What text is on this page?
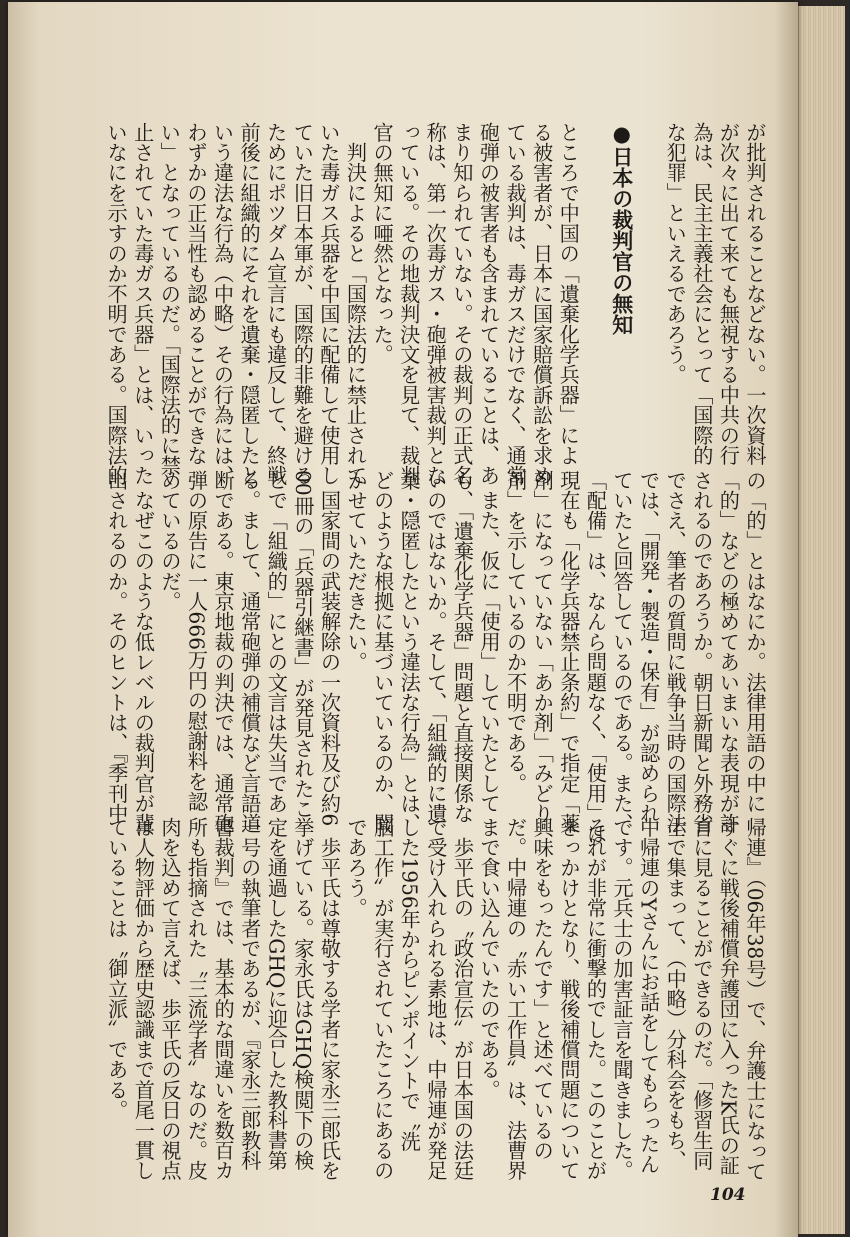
が批判されることなどない。一次資料
が次々に出て来ても無視する中共の行
為は、民主主義社会にとって「国際的
な犯罪」といえるであろう。

●日本の裁判官の無知

ところで中国の「遺棄化学兵器」によ
る被害者が、日本に国家賠償訴訟を求め
ている裁判は、毒ガスだけでなく、通常
砲弾の被害者も含まれていることは、あ
まり知られていない。その裁判の正式名
称は、第一次毒ガス・砲弾被害裁判とな
っている。その地裁判決文を見て、裁判
官の無知に唖然となった。
　判決によると「国際法的に禁止されて
いた毒ガス兵器を中国に配備して使用し
ていた旧日本軍が、国際的非難を避ける
ためにポツダム宣言にも違反して、終戦
前後に組織的にそれを遺棄・隠匿したと
いう違法な行為（中略）その行為には、
わずかの正当性も認めることができな
い」となっているのだ。「国際法的に禁
止されていた毒ガス兵器」とは、いった
いなにを示すのか不明である。国際法的

の「的」とはなにか。法律用語の中に
「的」などの極めてあいまいな表現が許
されるのであろうか。朝日新聞と外務省
でさえ、筆者の質問に戦争当時の国際法
では、「開発・製造・保有」が認められ
ていたと回答しているのである。また、
「配備」は、なんら問題なく、「使用」は
現在も「化学兵器禁止条約」で指定「薬
剤」になっていない「あか剤」「みどり
剤」を示しているのか不明である。
　また、仮に「使用」していたとして
も、「遺棄化学兵器」問題と直接関係な
いのではないか。そして、「組織的に遺
棄・隠匿したという違法な行為」とは、
どのような根拠に基づいているのか、聞
かせていただきたい。
　国家間の武装解除の一次資料及び約6
00冊の「兵器引継書」が発見されたこ
とで「組織的」にとの文言は失当であ
る。まして、通常砲弾の補償など言語道
断である。東京地裁の判決では、通常砲
弾の原告に一人666万円の慰謝料を認
めているのだ。
　なぜこのような低レベルの裁判官が輩
出されるのか。そのヒントは、『季刊中

帰連』（06年38号）で、弁護士になって
すぐに戦後補償弁護団に入ったK氏の証
言に見ることができるのだ。「修習生同
士で集まって、（中略）分科会をもち、
中帰連のYさんにお話をしてもらったん
です。元兵士の加害証言を聞きました。
それが非常に衝撃的でした。このことが
きっかけとなり、戦後補償問題について
興味をもったんです」と述べているの
だ。中帰連の〝赤い工作員〟は、法曹界
まで食い込んでいたのである。
　歩平氏の〝政治宣伝〟が日本国の法廷
で受け入れられる素地は、中帰連が発足
した1956年からピンポイントで〝洗
脳工作〟が実行されていたころにあるの
であろう。
　歩平氏は尊敬する学者に家永三郎氏を
挙げている。家永氏はGHQ検閲下の検
定を通過したGHQに迎合した教科書第
一号の執筆者であるが、『家永三郎教科
書裁判』では、基本的な間違いを数百カ
所も指摘された〝三流学者〟なのだ。皮
肉を込めて言えば、歩平氏の反日の視点
は人物評価から歴史認識まで首尾一貫し
ていることは〝御立派〟である。

104
